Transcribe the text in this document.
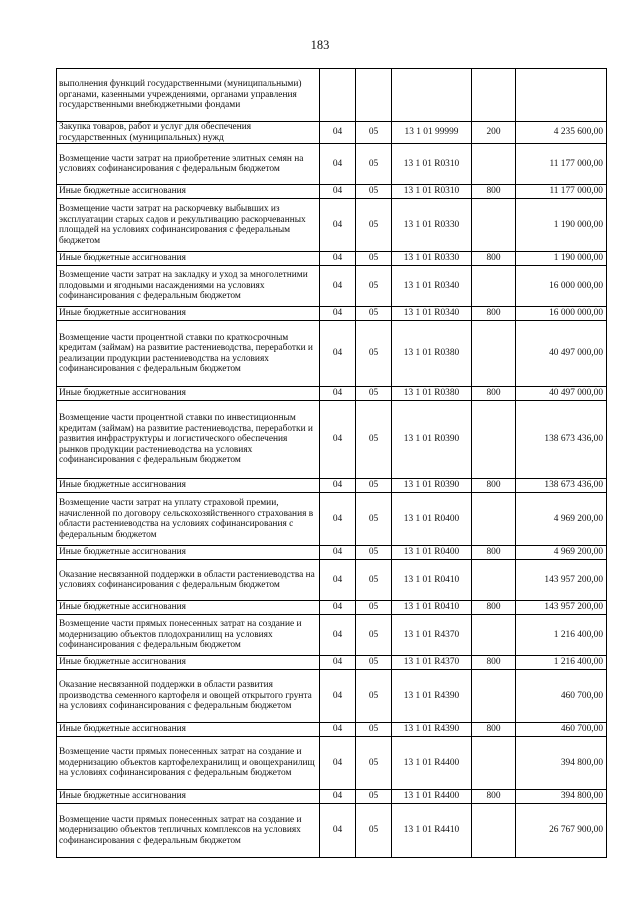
183
выполнения функций государственными (муниципальными) органами, казенными учреждениями, органами управления государственными внебюджетными фондами					

Закупка товаров, работ и услуг для обеспечения государственных (муниципальных) нужд	04	05	13 1 01 99999	200	4 235 600,00

Возмещение части затрат на приобретение элитных семян на условиях софинансирования с федеральным бюджетом	04	05	13 1 01 R0310		11 177 000,00

Иные бюджетные ассигнования	04	05	13 1 01 R0310	800	11 177 000,00

Возмещение части затрат на раскорчевку выбывших из эксплуатации старых садов и рекультивацию раскорчеванных площадей на условиях софинансирования с федеральным бюджетом	04	05	13 1 01 R0330		1 190 000,00

Иные бюджетные ассигнования	04	05	13 1 01 R0330	800	1 190 000,00

Возмещение части затрат на закладку и уход за многолетними плодовыми и ягодными насаждениями на условиях софинансирования с федеральным бюджетом	04	05	13 1 01 R0340		16 000 000,00

Иные бюджетные ассигнования	04	05	13 1 01 R0340	800	16 000 000,00

Возмещение части процентной ставки по краткосрочным кредитам (займам) на развитие растениеводства, переработки и реализации продукции растениеводства на условиях софинансирования с федеральным бюджетом	04	05	13 1 01 R0380		40 497 000,00

Иные бюджетные ассигнования	04	05	13 1 01 R0380	800	40 497 000,00

Возмещение части процентной ставки по инвестиционным кредитам (займам) на развитие растениеводства, переработки и развития инфраструктуры и логистического обеспечения рынков продукции растениеводства на условиях софинансирования с федеральным бюджетом	04	05	13 1 01 R0390		138 673 436,00

Иные бюджетные ассигнования	04	05	13 1 01 R0390	800	138 673 436,00

Возмещение части затрат на уплату страховой премии, начисленной по договору сельскохозяйственного страхования в области растениеводства на условиях софинансирования с федеральным бюджетом	04	05	13 1 01 R0400		4 969 200,00

Иные бюджетные ассигнования	04	05	13 1 01 R0400	800	4 969 200,00

Оказание несвязанной поддержки в области растениеводства на условиях софинансирования с федеральным бюджетом	04	05	13 1 01 R0410		143 957 200,00

Иные бюджетные ассигнования	04	05	13 1 01 R0410	800	143 957 200,00

Возмещение части прямых понесенных затрат на создание и модернизацию объектов плодохранилищ на условиях софинансирования с федеральным бюджетом	04	05	13 1 01 R4370		1 216 400,00

Иные бюджетные ассигнования	04	05	13 1 01 R4370	800	1 216 400,00

Оказание несвязанной поддержки в области развития производства семенного картофеля и овощей открытого грунта на условиях софинансирования с федеральным бюджетом	04	05	13 1 01 R4390		460 700,00

Иные бюджетные ассигнования	04	05	13 1 01 R4390	800	460 700,00

Возмещение части прямых понесенных затрат на создание и модернизацию объектов картофелехранилищ и овощехранилищ на условиях софинансирования с федеральным бюджетом	04	05	13 1 01 R4400		394 800,00

Иные бюджетные ассигнования	04	05	13 1 01 R4400	800	394 800,00

Возмещение части прямых понесенных затрат на создание и модернизацию объектов тепличных комплексов на условиях софинансирования с федеральным бюджетом	04	05	13 1 01 R4410		26 767 900,00
